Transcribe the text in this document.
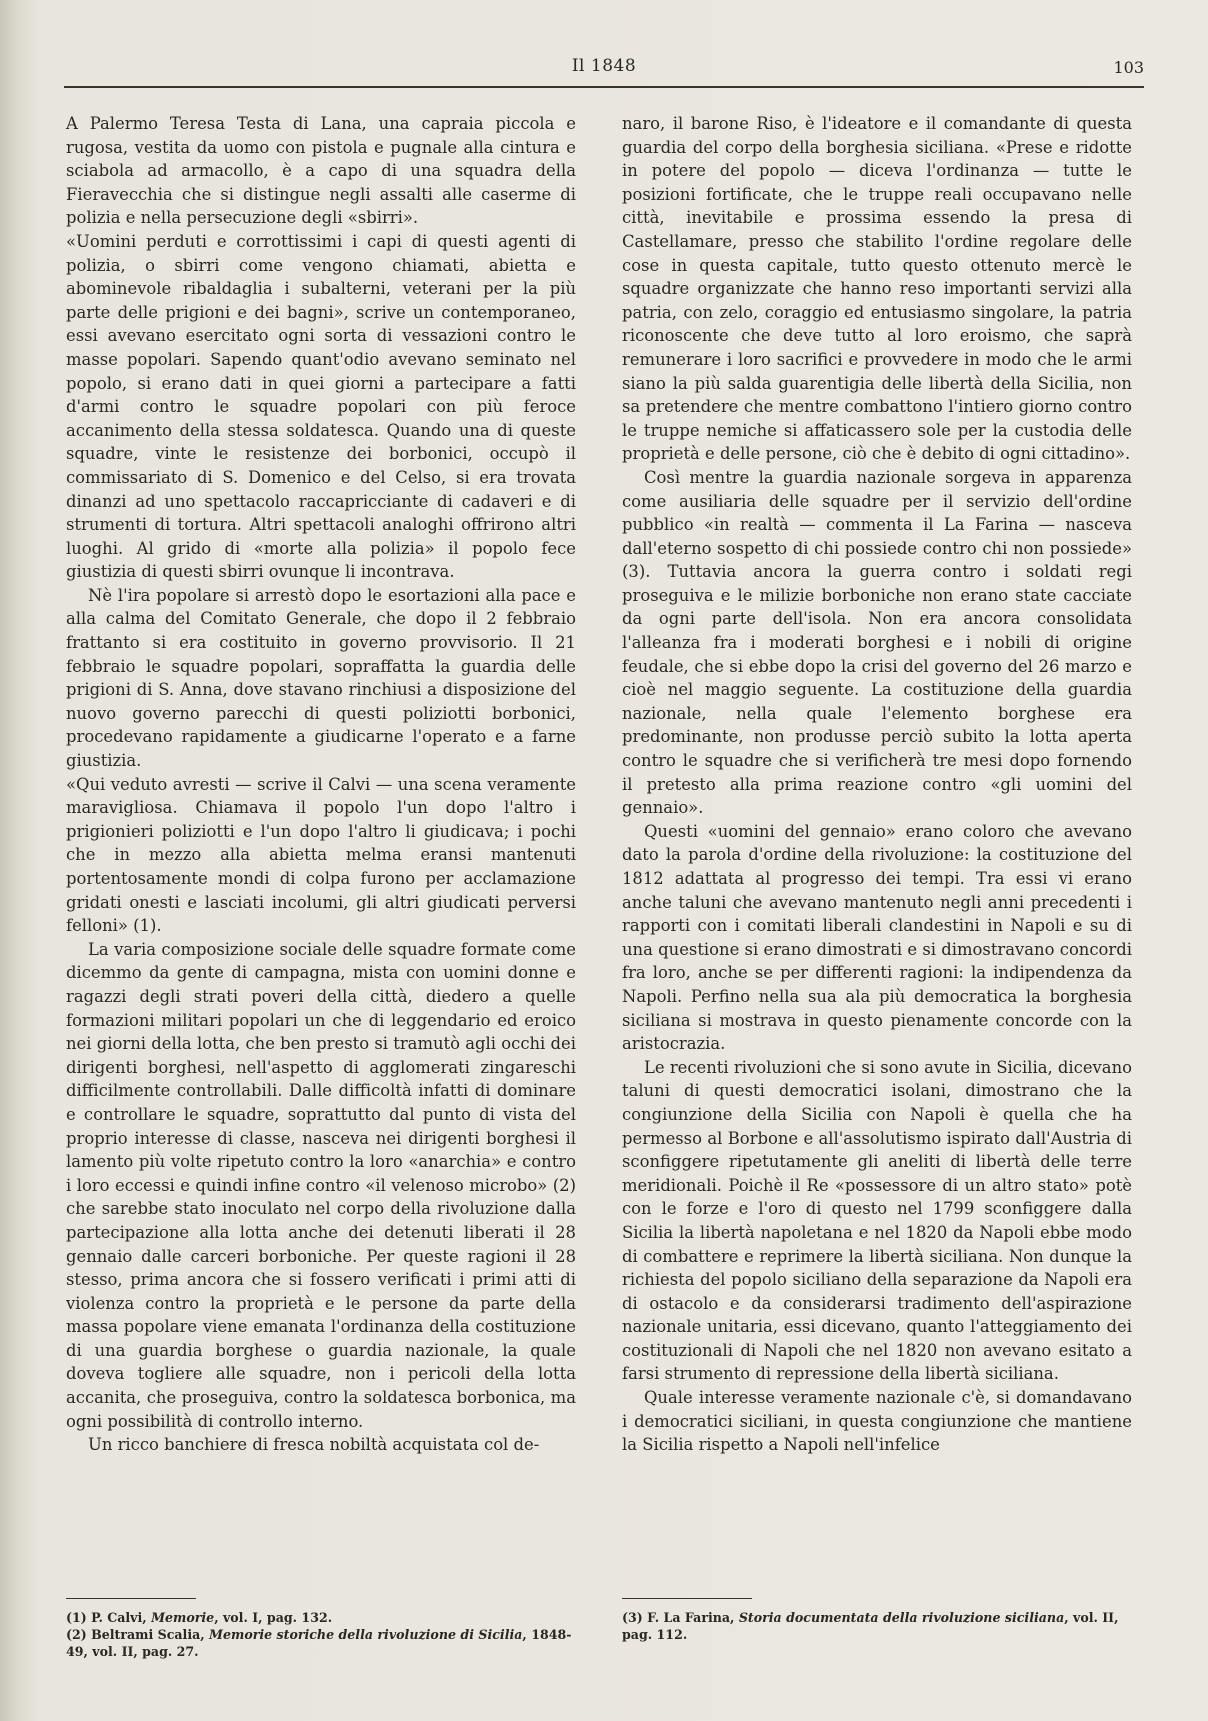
Il 1848	103

A Palermo Teresa Testa di Lana, una capraia piccola e rugosa, vestita da uomo con pistola e pugnale alla cintura e sciabola ad armacollo, è a capo di una squadra della Fieravecchia che si distingue negli assalti alle caserme di polizia e nella persecuzione degli «sbirri».

«Uomini perduti e corrottissimi i capi di questi agenti di polizia, o sbirri come vengono chiamati, abietta e abominevole ribaldaglia i subalterni, veterani per la più parte delle prigioni e dei bagni», scrive un contemporaneo, essi avevano esercitato ogni sorta di vessazioni contro le masse popolari. Sapendo quant'odio avevano seminato nel popolo, si erano dati in quei giorni a partecipare a fatti d'armi contro le squadre popolari con più feroce accanimento della stessa soldatesca. Quando una di queste squadre, vinte le resistenze dei borbonici, occupò il commissariato di S. Domenico e del Celso, si era trovata dinanzi ad uno spettacolo raccapricciante di cadaveri e di strumenti di tortura. Altri spettacoli analoghi offrirono altri luoghi. Al grido di «morte alla polizia» il popolo fece giustizia di questi sbirri ovunque li incontrava.

Nè l'ira popolare si arrestò dopo le esortazioni alla pace e alla calma del Comitato Generale, che dopo il 2 febbraio frattanto si era costituito in governo provvisorio. Il 21 febbraio le squadre popolari, sopraffatta la guardia delle prigioni di S. Anna, dove stavano rinchiusi a disposizione del nuovo governo parecchi di questi poliziotti borbonici, procedevano rapidamente a giudicarne l'operato e a farne giustizia.

«Qui veduto avresti — scrive il Calvi — una scena veramente maravigliosa. Chiamava il popolo l'un dopo l'altro i prigionieri poliziotti e l'un dopo l'altro li giudicava; i pochi che in mezzo alla abietta melma eransi mantenuti portentosamente mondi di colpa furono per acclamazione gridati onesti e lasciati incolumi, gli altri giudicati perversi felloni» (1).

La varia composizione sociale delle squadre formate come dicemmo da gente di campagna, mista con uomini donne e ragazzi degli strati poveri della città, diedero a quelle formazioni militari popolari un che di leggendario ed eroico nei giorni della lotta, che ben presto si tramutò agli occhi dei dirigenti borghesi, nell'aspetto di agglomerati zingareschi difficilmente controllabili. Dalle difficoltà infatti di dominare e controllare le squadre, soprattutto dal punto di vista del proprio interesse di classe, nasceva nei dirigenti borghesi il lamento più volte ripetuto contro la loro «anarchia» e contro i loro eccessi e quindi infine contro «il velenoso microbo» (2) che sarebbe stato inoculato nel corpo della rivoluzione dalla partecipazione alla lotta anche dei detenuti liberati il 28 gennaio dalle carceri borboniche. Per queste ragioni il 28 stesso, prima ancora che si fossero verificati i primi atti di violenza contro la proprietà e le persone da parte della massa popolare viene emanata l'ordinanza della costituzione di una guardia borghese o guardia nazionale, la quale doveva togliere alle squadre, non i pericoli della lotta accanita, che proseguiva, contro la soldatesca borbonica, ma ogni possibilità di controllo interno.

Un ricco banchiere di fresca nobiltà acquistata col de-

naro, il barone Riso, è l'ideatore e il comandante di questa guardia del corpo della borghesia siciliana. «Prese e ridotte in potere del popolo — diceva l'ordinanza — tutte le posizioni fortificate, che le truppe reali occupavano nelle città, inevitabile e prossima essendo la presa di Castellamare, presso che stabilito l'ordine regolare delle cose in questa capitale, tutto questo ottenuto mercè le squadre organizzate che hanno reso importanti servizi alla patria, con zelo, coraggio ed entusiasmo singolare, la patria riconoscente che deve tutto al loro eroismo, che saprà remunerare i loro sacrifici e provvedere in modo che le armi siano la più salda guarentigia delle libertà della Sicilia, non sa pretendere che mentre combattono l'intiero giorno contro le truppe nemiche si affaticassero sole per la custodia delle proprietà e delle persone, ciò che è debito di ogni cittadino».

Così mentre la guardia nazionale sorgeva in apparenza come ausiliaria delle squadre per il servizio dell'ordine pubblico «in realtà — commenta il La Farina — nasceva dall'eterno sospetto di chi possiede contro chi non possiede» (3). Tuttavia ancora la guerra contro i soldati regi proseguiva e le milizie borboniche non erano state cacciate da ogni parte dell'isola. Non era ancora consolidata l'alleanza fra i moderati borghesi e i nobili di origine feudale, che si ebbe dopo la crisi del governo del 26 marzo e cioè nel maggio seguente. La costituzione della guardia nazionale, nella quale l'elemento borghese era predominante, non produsse perciò subito la lotta aperta contro le squadre che si verificherà tre mesi dopo fornendo il pretesto alla prima reazione contro «gli uomini del gennaio».

Questi «uomini del gennaio» erano coloro che avevano dato la parola d'ordine della rivoluzione: la costituzione del 1812 adattata al progresso dei tempi. Tra essi vi erano anche taluni che avevano mantenuto negli anni precedenti i rapporti con i comitati liberali clandestini in Napoli e su di una questione si erano dimostrati e si dimostravano concordi fra loro, anche se per differenti ragioni: la indipendenza da Napoli. Perfino nella sua ala più democratica la borghesia siciliana si mostrava in questo pienamente concorde con la aristocrazia.

Le recenti rivoluzioni che si sono avute in Sicilia, dicevano taluni di questi democratici isolani, dimostrano che la congiunzione della Sicilia con Napoli è quella che ha permesso al Borbone e all'assolutismo ispirato dall'Austria di sconfiggere ripetutamente gli aneliti di libertà delle terre meridionali. Poichè il Re «possessore di un altro stato» potè con le forze e l'oro di questo nel 1799 sconfiggere dalla Sicilia la libertà napoletana e nel 1820 da Napoli ebbe modo di combattere e reprimere la libertà siciliana. Non dunque la richiesta del popolo siciliano della separazione da Napoli era di ostacolo e da considerarsi tradimento dell'aspirazione nazionale unitaria, essi dicevano, quanto l'atteggiamento dei costituzionali di Napoli che nel 1820 non avevano esitato a farsi strumento di repressione della libertà siciliana.

Quale interesse veramente nazionale c'è, si domandavano i democratici siciliani, in questa congiunzione che mantiene la Sicilia rispetto a Napoli nell'infelice

(1) P. Calvi, Memorie, vol. I, pag. 132.

(2) Beltrami Scalia, Memorie storiche della rivoluzione di Sicilia, 1848-49, vol. II, pag. 27.

(3) F. La Farina, Storia documentata della rivoluzione siciliana, vol. II, pag. 112.
